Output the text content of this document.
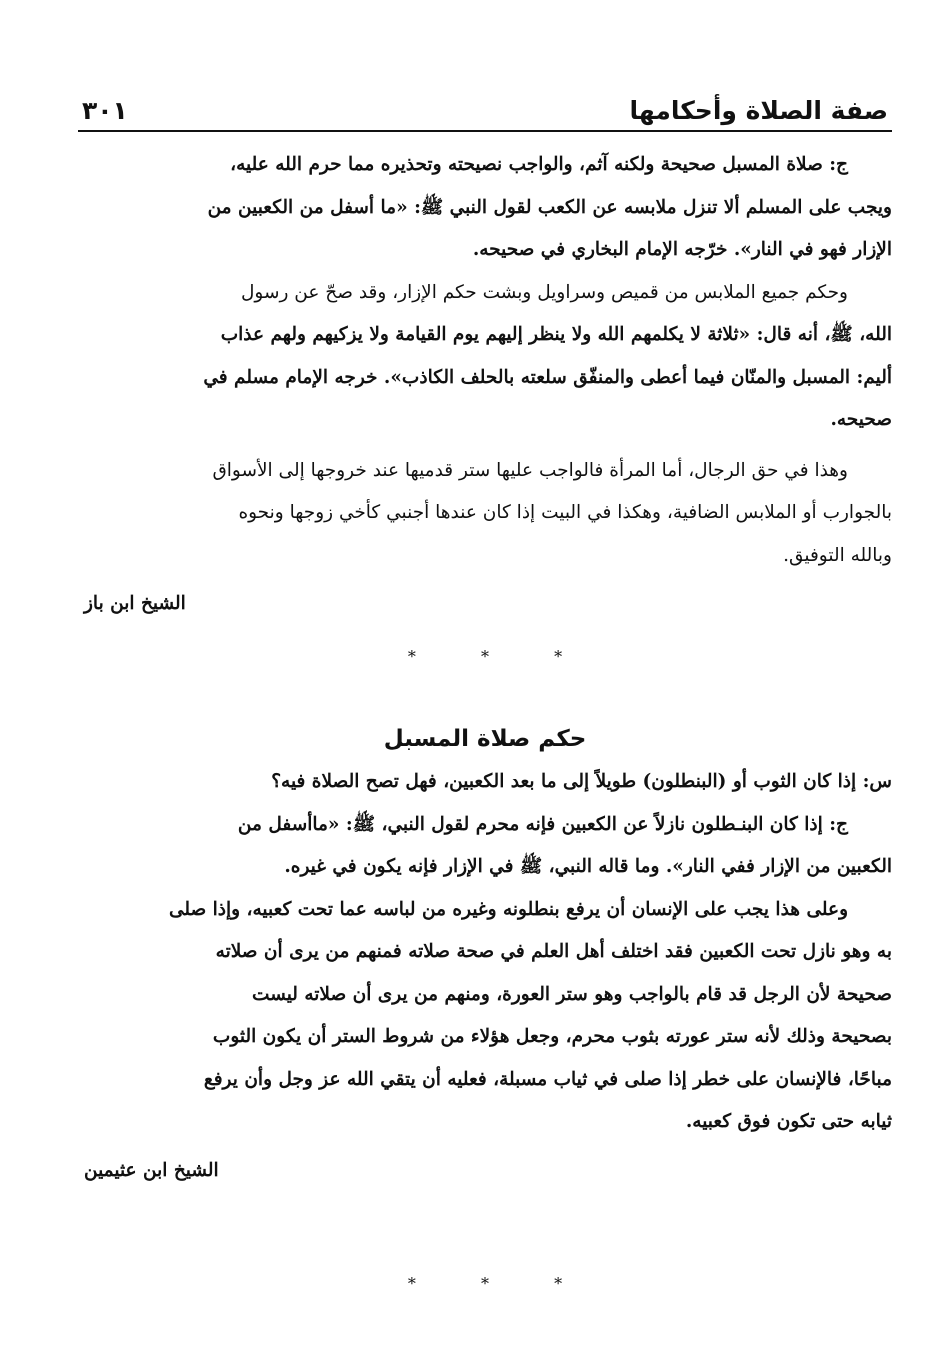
صفة الصلاة وأحكامها
٣٠١

ج: صلاة المسبل صحيحة ولكنه آثم، والواجب نصيحته وتحذيره مما حرم الله عليه،

ويجب على المسلم ألا تنزل ملابسه عن الكعب لقول النبي ﷺ: «ما أسفل من الكعبين من

الإزار فهو في النار». خرّجه الإمام البخاري في صحيحه.

وحكم جميع الملابس من قميص وسراويل وبشت حكم الإزار، وقد صحّ عن رسول

الله، ﷺ، أنه قال: «ثلاثة لا يكلمهم الله ولا ينظر إليهم يوم القيامة ولا يزكيهم ولهم عذاب

أليم: المسبل والمنّان فيما أعطى والمنفّق سلعته بالحلف الكاذب». خرجه الإمام مسلم في

صحيحه.

وهذا في حق الرجال، أما المرأة فالواجب عليها ستر قدميها عند خروجها إلى الأسواق

بالجوارب أو الملابس الضافية، وهكذا في البيت إذا كان عندها أجنبي كأخي زوجها ونحوه

وبالله التوفيق.

الشيخ ابن باز
* * *
حكم صلاة المسبل

س: إذا كان الثوب أو (البنطلون) طويلاً إلى ما بعد الكعبين، فهل تصح الصلاة فيه؟

ج: إذا كان البنـطلون نازلاً عن الكعبين فإنه محرم لقول النبي، ﷺ: «ماأسفل من

الكعبين من الإزار ففي النار». وما قاله النبي، ﷺ في الإزار فإنه يكون في غيره.

وعلى هذا يجب على الإنسان أن يرفع بنطلونه وغيره من لباسه عما تحت كعبيه، وإذا صلى

به وهو نازل تحت الكعبين فقد اختلف أهل العلم في صحة صلاته فمنهم من يرى أن صلاته

صحيحة لأن الرجل قد قام بالواجب وهو ستر العورة، ومنهم من يرى أن صلاته ليست

بصحيحة وذلك لأنه ستر عورته بثوب محرم، وجعل هؤلاء من شروط الستر أن يكون الثوب

مباحًا، فالإنسان على خطر إذا صلى في ثياب مسبلة، فعليه أن يتقي الله عز وجل وأن يرفع

ثيابه حتى تكون فوق كعبيه.

الشيخ ابن عثيمين
* * *
